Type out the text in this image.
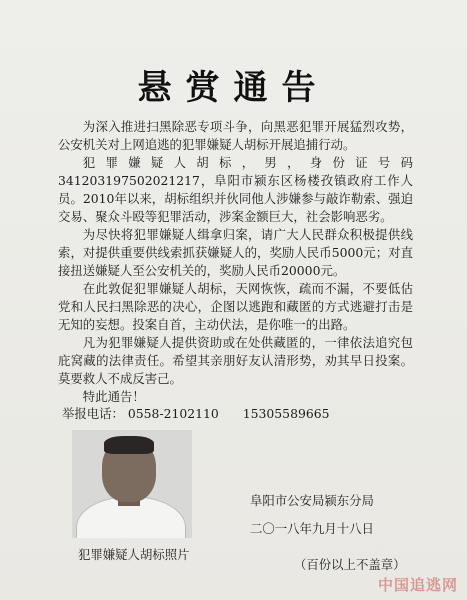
悬赏通告

为深入推进扫黑除恶专项斗争，向黑恶犯罪开展猛烈攻势，公安机关对上网追逃的犯罪嫌疑人胡标开展追捕行动。

犯罪嫌疑人胡标，男，身份证号码341203197502021217，阜阳市颍东区杨楼孜镇政府工作人员。2010年以来，胡标组织并伙同他人涉嫌参与敲诈勒索、强迫交易、聚众斗殴等犯罪活动，涉案金额巨大，社会影响恶劣。

为尽快将犯罪嫌疑人缉拿归案，请广大人民群众积极提供线索，对提供重要供线索抓获嫌疑人的，奖励人民币5000元；对直接扭送嫌疑人至公安机关的，奖励人民币20000元。

在此敦促犯罪嫌疑人胡标，天网恢恢，疏而不漏，不要低估党和人民扫黑除恶的决心，企图以逃跑和藏匿的方式逃避打击是无知的妄想。投案自首，主动伏法，是你唯一的出路。

凡为犯罪嫌疑人提供资助或在处供藏匿的，一律依法追究包庇窝藏的法律责任。希望其亲朋好友认清形势，劝其早日投案。莫要救人不成反害己。

特此通告！

举报电话： 0558-2102110 15305589665
犯罪嫌疑人胡标照片
阜阳市公安局颍东分局
二〇一八年九月十八日
（百份以上不盖章）
中国追逃网
